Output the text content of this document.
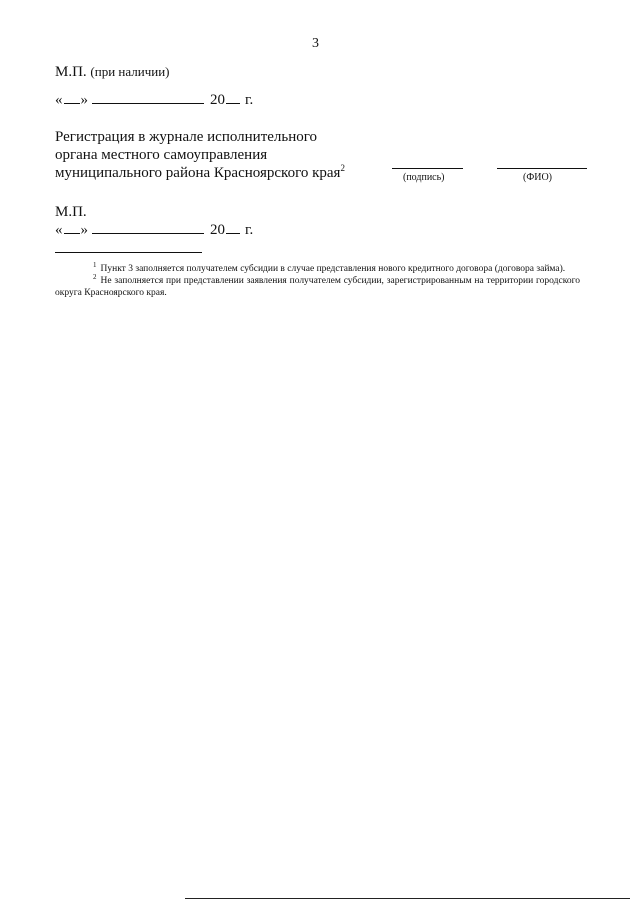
3
М.П. (при наличии)
« »	20 г.
Регистрация в журнале исполнительного
органа местного самоуправления
муниципального района Красноярского края$^2$
(подпись)	(ФИО)
М.П.
« »	20 г.

$^1$ Пункт 3 заполняется получателем субсидии в случае представления нового кредитного договора (договора займа).

$^2$ Не заполняется при представлении заявления получателем субсидии, зарегистрированным на территории городского округа Красноярского края.
